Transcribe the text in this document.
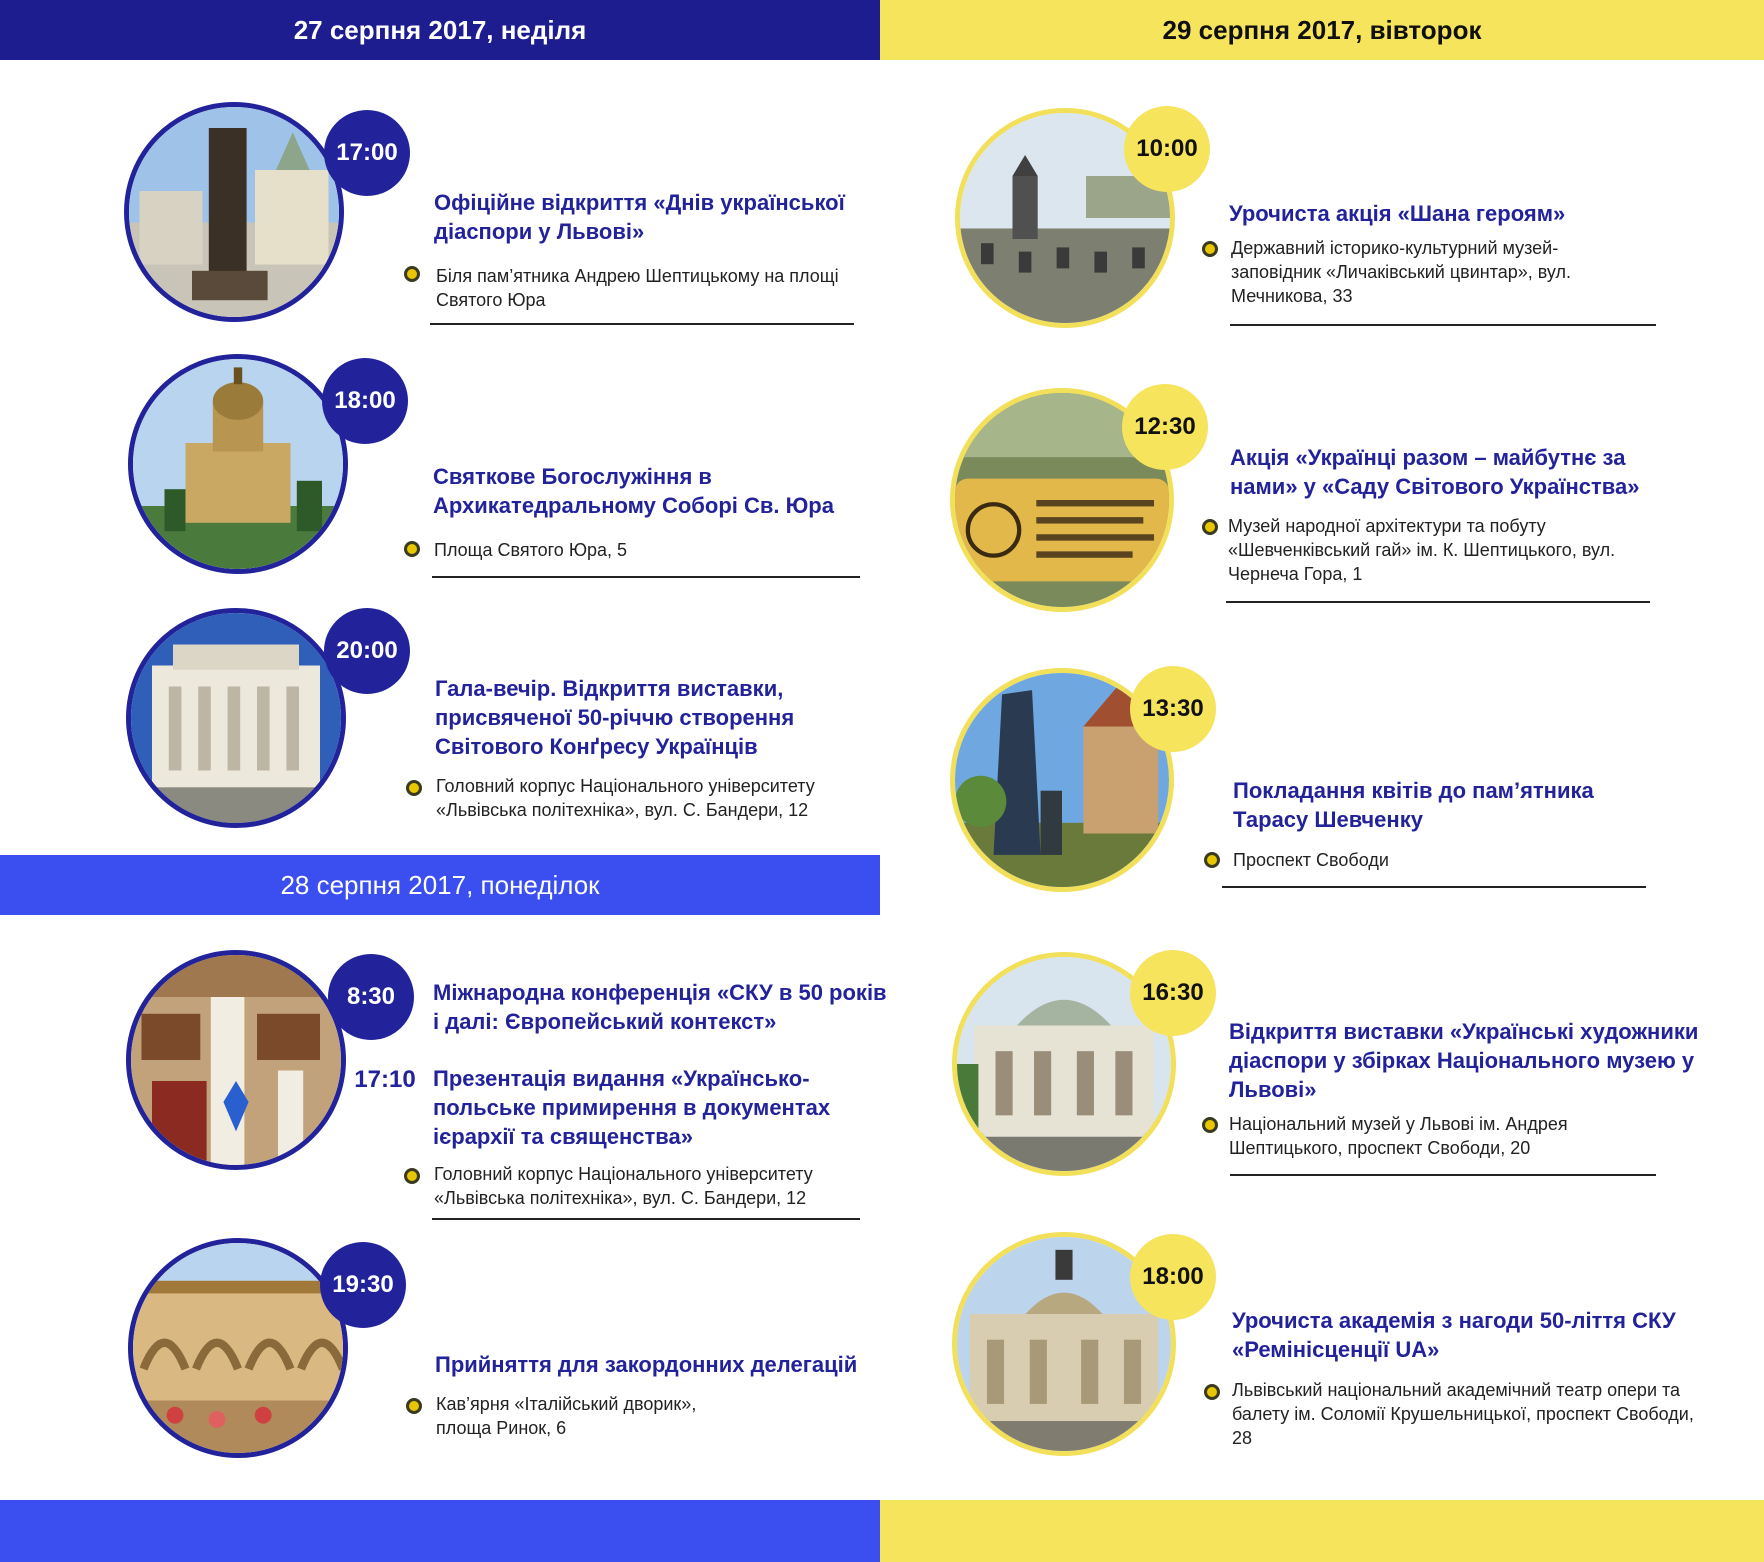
27 серпня 2017, неділя	29 серпня 2017, вівторок
28 серпня 2017, понеділок
17:00

Офіційне відкриття «Днів української діаспори у Львові»

Біля пам’ятника Андрею Шептицькому на площі Святого Юра
18:00

Святкове Богослужіння в Архикатедральному Соборі Св. Юра

Площа Святого Юра, 5
20:00

Гала-вечір. Відкриття виставки, присвяченої 50-річчю створення Світового Конґресу Українців

Головний корпус Національного університету «Львівська політехніка», вул. С. Бандери, 12
8:30 Міжнародна конференція «СКУ в 50 років і далі: Європейський контекст»

17:10 Презентація видання «Українсько-польське примирення в документах ієрархії та священства»

Головний корпус Національного університету «Львівська політехніка», вул. С. Бандери, 12
19:30

Прийняття для закордонних делегацій

Кав’ярня «Італійський дворик», площа Ринок, 6
10:00

Урочиста акція «Шана героям»

Державний історико-культурний музей-заповідник «Личаківський цвинтар», вул. Мечникова, 33
12:30

Акція «Українці разом – майбутнє за нами» у «Саду Світового Українства»

Музей народної архітектури та побуту «Шевченківський гай» ім. К. Шептицького, вул. Чернеча Гора, 1
13:30

Покладання квітів до пам’ятника Тарасу Шевченку

Проспект Свободи
16:30

Відкриття виставки «Українські художники діаспори у збірках Національного музею у Львові»

Національний музей у Львові ім. Андрея Шептицького, проспект Свободи, 20
18:00

Урочиста академія з нагоди 50-ліття СКУ «Ремінісценції UA»

Львівський національний академічний театр опери та балету ім. Соломії Крушельницької, проспект Свободи, 28
